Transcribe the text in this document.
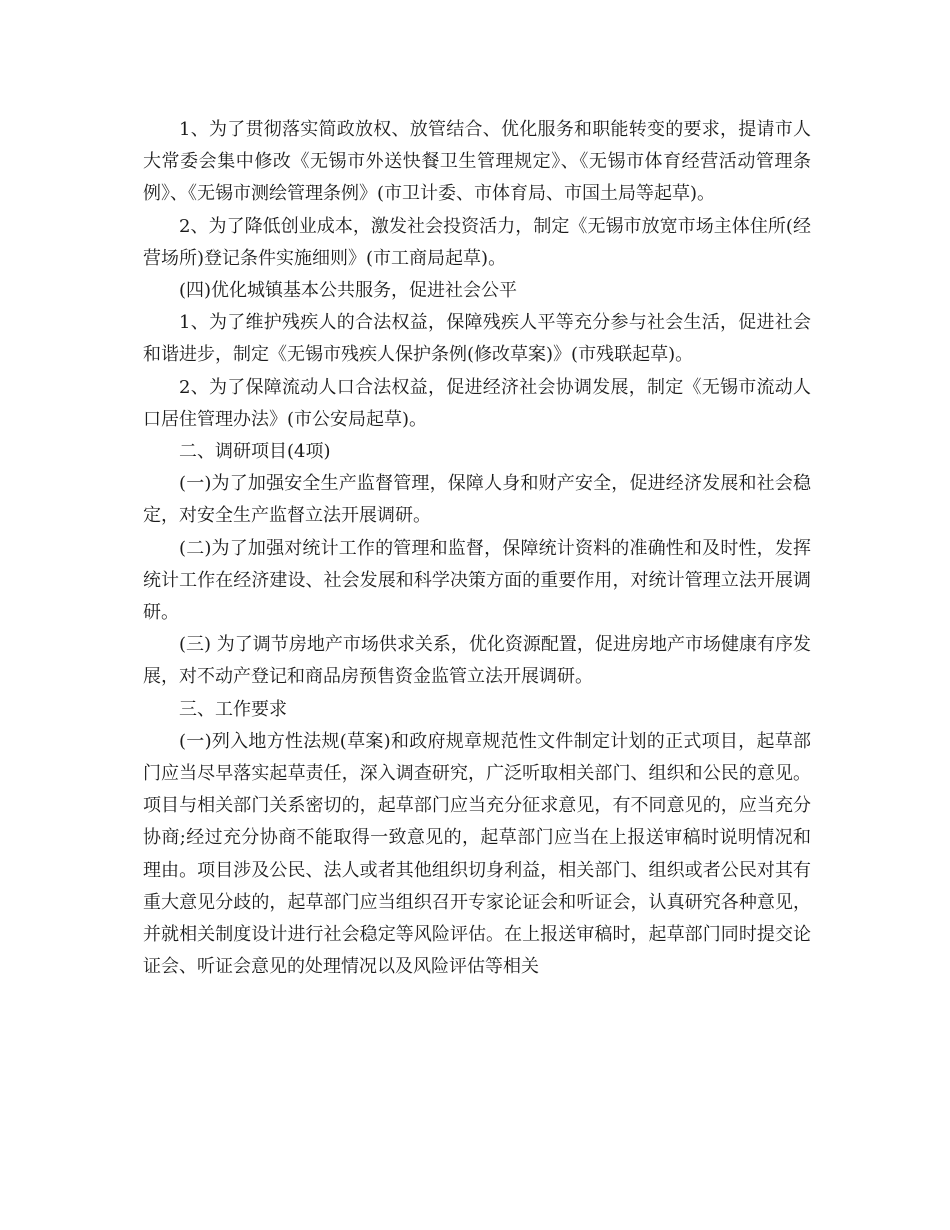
1、为了贯彻落实简政放权、放管结合、优化服务和职能转变的要求，提请市人大常委会集中修改《无锡市外送快餐卫生管理规定》、《无锡市体育经营活动管理条例》、《无锡市测绘管理条例》(市卫计委、市体育局、市国土局等起草)。

2、为了降低创业成本，激发社会投资活力，制定《无锡市放宽市场主体住所(经营场所)登记条件实施细则》(市工商局起草)。

(四)优化城镇基本公共服务，促进社会公平

1、为了维护残疾人的合法权益，保障残疾人平等充分参与社会生活，促进社会和谐进步，制定《无锡市残疾人保护条例(修改草案)》(市残联起草)。

2、为了保障流动人口合法权益，促进经济社会协调发展，制定《无锡市流动人口居住管理办法》(市公安局起草)。

二、调研项目(4项)

(一)为了加强安全生产监督管理，保障人身和财产安全，促进经济发展和社会稳定，对安全生产监督立法开展调研。

(二)为了加强对统计工作的管理和监督，保障统计资料的准确性和及时性，发挥统计工作在经济建设、社会发展和科学决策方面的重要作用，对统计管理立法开展调研。

(三) 为了调节房地产市场供求关系，优化资源配置，促进房地产市场健康有序发展，对不动产登记和商品房预售资金监管立法开展调研。

三、工作要求

(一)列入地方性法规(草案)和政府规章规范性文件制定计划的正式项目，起草部门应当尽早落实起草责任，深入调查研究，广泛听取相关部门、组织和公民的意见。项目与相关部门关系密切的，起草部门应当充分征求意见，有不同意见的，应当充分协商;经过充分协商不能取得一致意见的，起草部门应当在上报送审稿时说明情况和理由。项目涉及公民、法人或者其他组织切身利益，相关部门、组织或者公民对其有重大意见分歧的，起草部门应当组织召开专家论证会和听证会，认真研究各种意见，并就相关制度设计进行社会稳定等风险评估。在上报送审稿时，起草部门同时提交论证会、听证会意见的处理情况以及风险评估等相关
